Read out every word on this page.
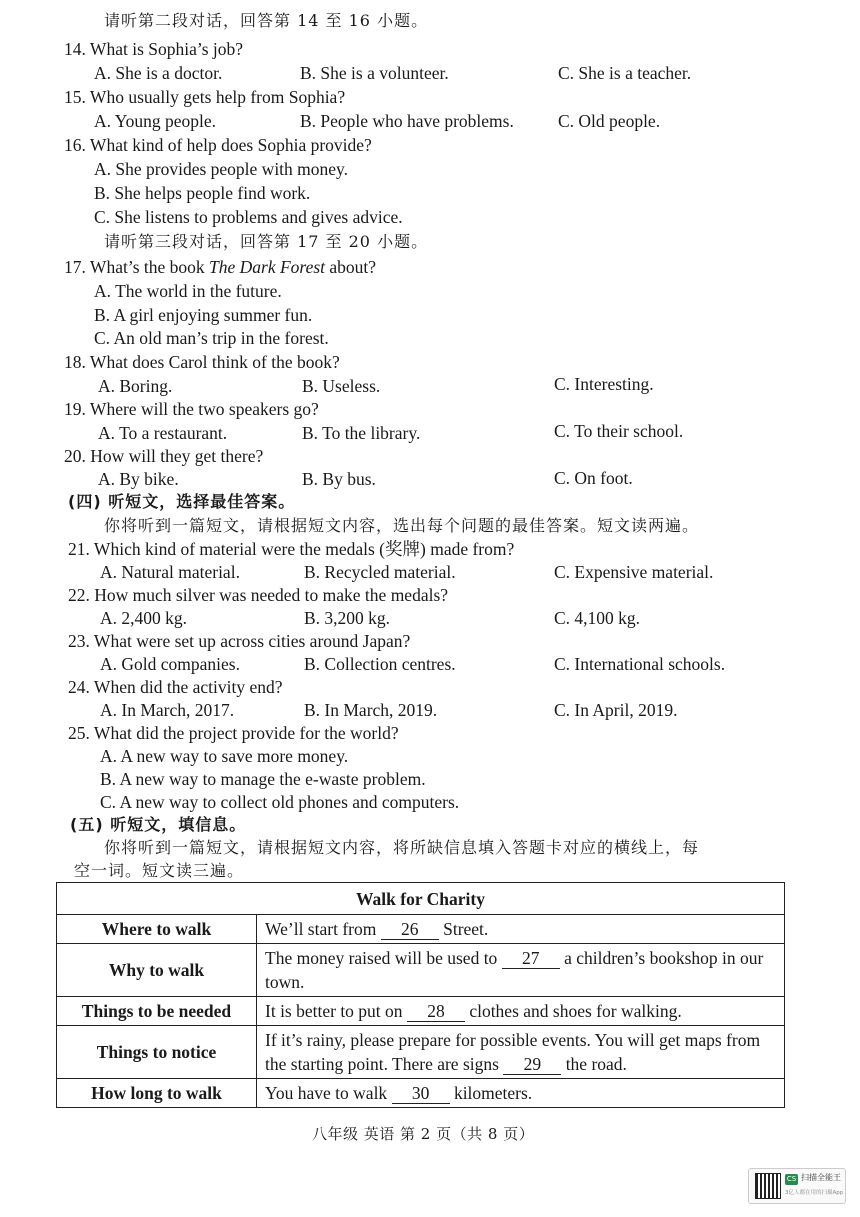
请听第二段对话，回答第 14 至 16 小题。
14. What is Sophia’s job?
A. She is a doctor.	B. She is a volunteer.	C. She is a teacher.
15. Who usually gets help from Sophia?
A. Young people.	B. People who have problems.	C. Old people.
16. What kind of help does Sophia provide?
A. She provides people with money.
B. She helps people find work.
C. She listens to problems and gives advice.
请听第三段对话，回答第 17 至 20 小题。
17. What’s the book The Dark Forest about?
A. The world in the future.
B. A girl enjoying summer fun.
C. An old man’s trip in the forest.
18. What does Carol think of the book?
A. Boring.	B. Useless.	C. Interesting.
19. Where will the two speakers go?
A. To a restaurant.	B. To the library.	C. To their school.
20. How will they get there?
A. By bike.	B. By bus.	C. On foot.
(四) 听短文，选择最佳答案。
你将听到一篇短文，请根据短文内容，选出每个问题的最佳答案。短文读两遍。
21. Which kind of material were the medals (奖牌) made from?
A. Natural material.	B. Recycled material.	C. Expensive material.
22. How much silver was needed to make the medals?
A. 2,400 kg.	B. 3,200 kg.	C. 4,100 kg.
23. What were set up across cities around Japan?
A. Gold companies.	B. Collection centres.	C. International schools.
24. When did the activity end?
A. In March, 2017.	B. In March, 2019.	C. In April, 2019.
25. What did the project provide for the world?
A. A new way to save more money.
B. A new way to manage the e-waste problem.
C. A new way to collect old phones and computers.
(五) 听短文，填信息。
你将听到一篇短文，请根据短文内容，将所缺信息填入答题卡对应的横线上，每
空一词。短文读三遍。
Walk for Charity	
Where to walk	We’ll start from 26 Street.
Why to walk	The money raised will be used to 27 a children’s bookshop in our town.
Things to be needed	It is better to put on 28 clothes and shoes for walking.
Things to notice	If it’s rainy, please prepare for possible events. You will get maps from the starting point. There are signs 29 the road.
How long to walk	You have to walk 30 kilometers.
八年级 英语 第 2 页（共 8 页）
CS 扫描全能王
3亿人都在用的扫描App
